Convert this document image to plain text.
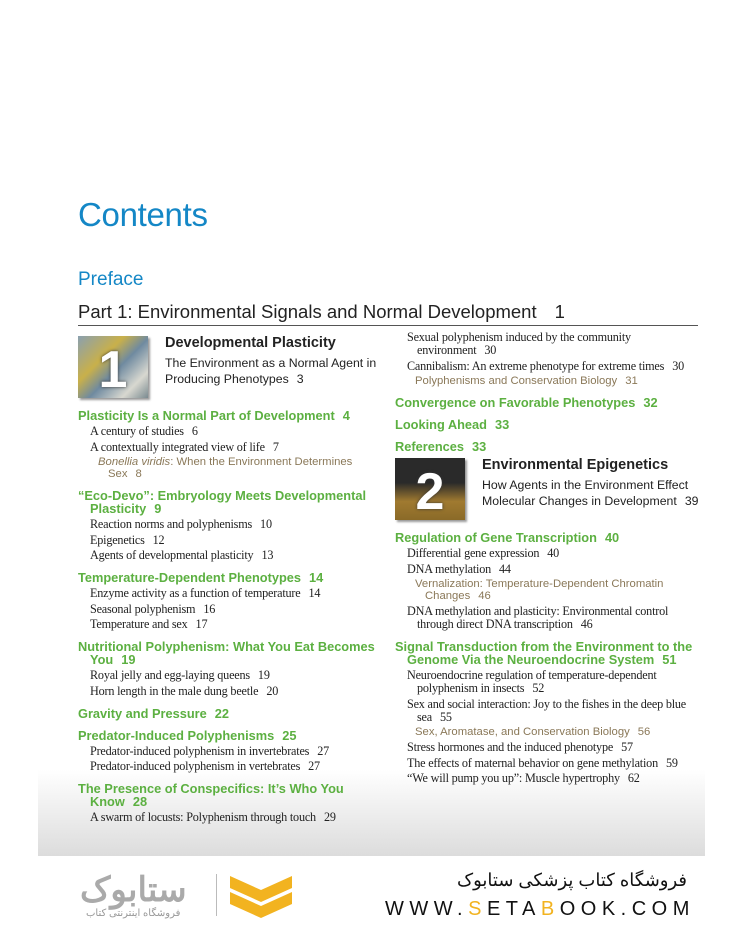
Contents
Preface
Part 1: Environmental Signals and Normal Development 1
1	Developmental Plasticity
The Environment as a Normal Agent in Producing Phenotypes 3
Plasticity Is a Normal Part of Development 4
A century of studies 6
A contextually integrated view of life 7
Bonellia viridis: When the Environment Determines Sex 8
“Eco-Devo”: Embryology Meets Developmental Plasticity 9
Reaction norms and polyphenisms 10
Epigenetics 12
Agents of developmental plasticity 13
Temperature-Dependent Phenotypes 14
Enzyme activity as a function of temperature 14
Seasonal polyphenism 16
Temperature and sex 17
Nutritional Polyphenism: What You Eat Becomes You 19
Royal jelly and egg-laying queens 19
Horn length in the male dung beetle 20
Gravity and Pressure 22
Predator-Induced Polyphenisms 25
Predator-induced polyphenism in invertebrates 27
Predator-induced polyphenism in vertebrates 27
The Presence of Conspecifics: It’s Who You Know 28
A swarm of locusts: Polyphenism through touch 29
Sexual polyphenism induced by the community environment 30
Cannibalism: An extreme phenotype for extreme times 30
Polyphenisms and Conservation Biology 31
Convergence on Favorable Phenotypes 32
Looking Ahead 33
References 33
2	Environmental Epigenetics
How Agents in the Environment Effect Molecular Changes in Development 39
Regulation of Gene Transcription 40
Differential gene expression 40
DNA methylation 44
Vernalization: Temperature-Dependent Chromatin Changes 46
DNA methylation and plasticity: Environmental control through direct DNA transcription 46
Signal Transduction from the Environment to the Genome Via the Neuroendocrine System 51
Neuroendocrine regulation of temperature-dependent polyphenism in insects 52
Sex and social interaction: Joy to the fishes in the deep blue sea 55
Sex, Aromatase, and Conservation Biology 56
Stress hormones and the induced phenotype 57
The effects of maternal behavior on gene methylation 59
“We will pump you up”: Muscle hypertrophy 62
ستابوک
فروشگاه اینترنتی کتاب
فروشگاه کتاب پزشکی ستابوک
WWW.SETABOOK.COM
